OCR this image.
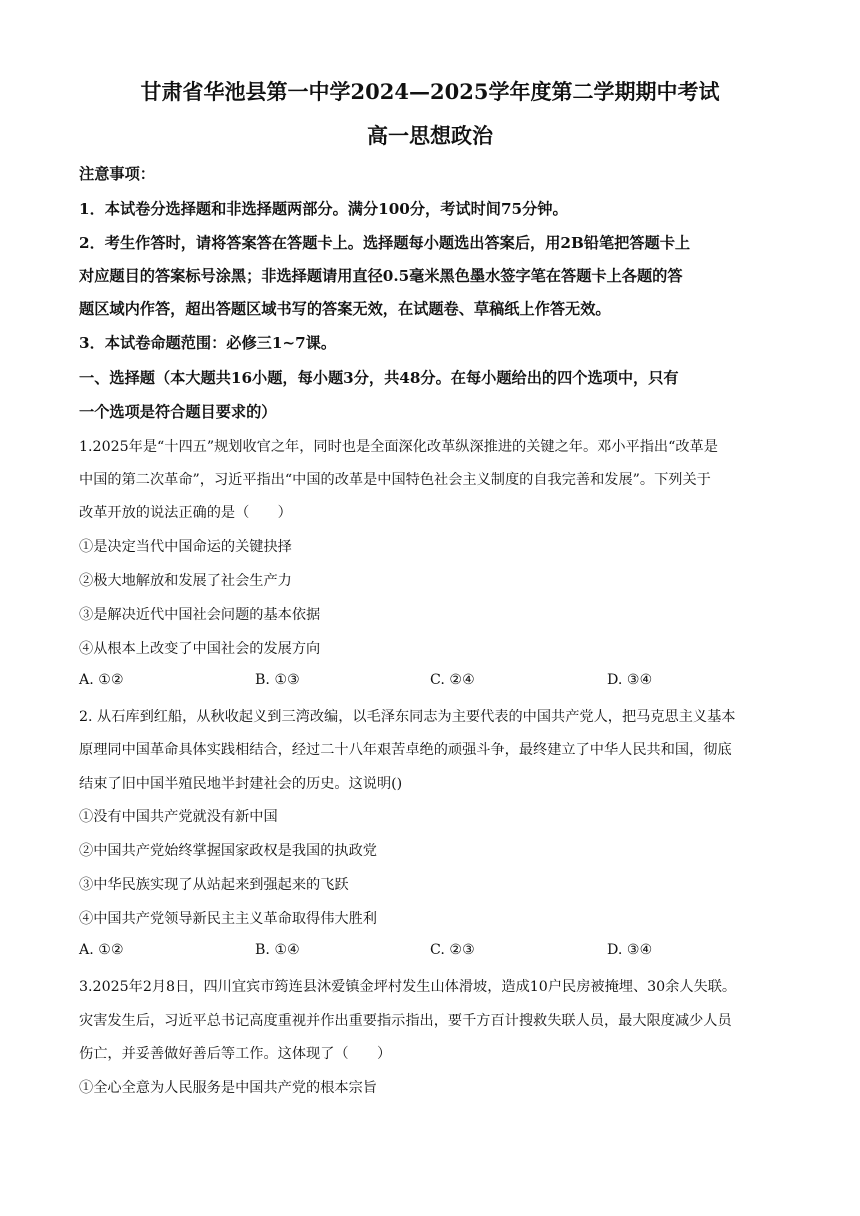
甘肃省华池县第一中学2024—2025学年度第二学期期中考试
高一思想政治
注意事项：
1．本试卷分选择题和非选择题两部分。满分100分，考试时间75分钟。
2．考生作答时，请将答案答在答题卡上。选择题每小题选出答案后，用2B铅笔把答题卡上
对应题目的答案标号涂黑；非选择题请用直径0.5毫米黑色墨水签字笔在答题卡上各题的答
题区域内作答，超出答题区域书写的答案无效，在试题卷、草稿纸上作答无效。
3．本试卷命题范围：必修三1~7课。
一、选择题（本大题共16小题，每小题3分，共48分。在每小题给出的四个选项中，只有
一个选项是符合题目要求的）
1.2025年是“十四五”规划收官之年，同时也是全面深化改革纵深推进的关键之年。邓小平指出“改革是
中国的第二次革命”，习近平指出“中国的改革是中国特色社会主义制度的自我完善和发展”。下列关于
改革开放的说法正确的是（　　）
①是决定当代中国命运的关键抉择
②极大地解放和发展了社会生产力
③是解决近代中国社会问题的基本依据
④从根本上改变了中国社会的发展方向
A. ①②	B. ①③	C. ②④	D. ③④
2. 从石库到红船，从秋收起义到三湾改编，以毛泽东同志为主要代表的中国共产党人，把马克思主义基本
原理同中国革命具体实践相结合，经过二十八年艰苦卓绝的顽强斗争，最终建立了中华人民共和国，彻底
结束了旧中国半殖民地半封建社会的历史。这说明()
①没有中国共产党就没有新中国
②中国共产党始终掌握国家政权是我国的执政党
③中华民族实现了从站起来到强起来的飞跃
④中国共产党领导新民主主义革命取得伟大胜利
A. ①②	B. ①④	C. ②③	D. ③④
3.2025年2月8日，四川宜宾市筠连县沐爱镇金坪村发生山体滑坡，造成10户民房被掩埋、30余人失联。
灾害发生后，习近平总书记高度重视并作出重要指示指出，要千方百计搜救失联人员，最大限度减少人员
伤亡，并妥善做好善后等工作。这体现了（　　）
①全心全意为人民服务是中国共产党的根本宗旨
